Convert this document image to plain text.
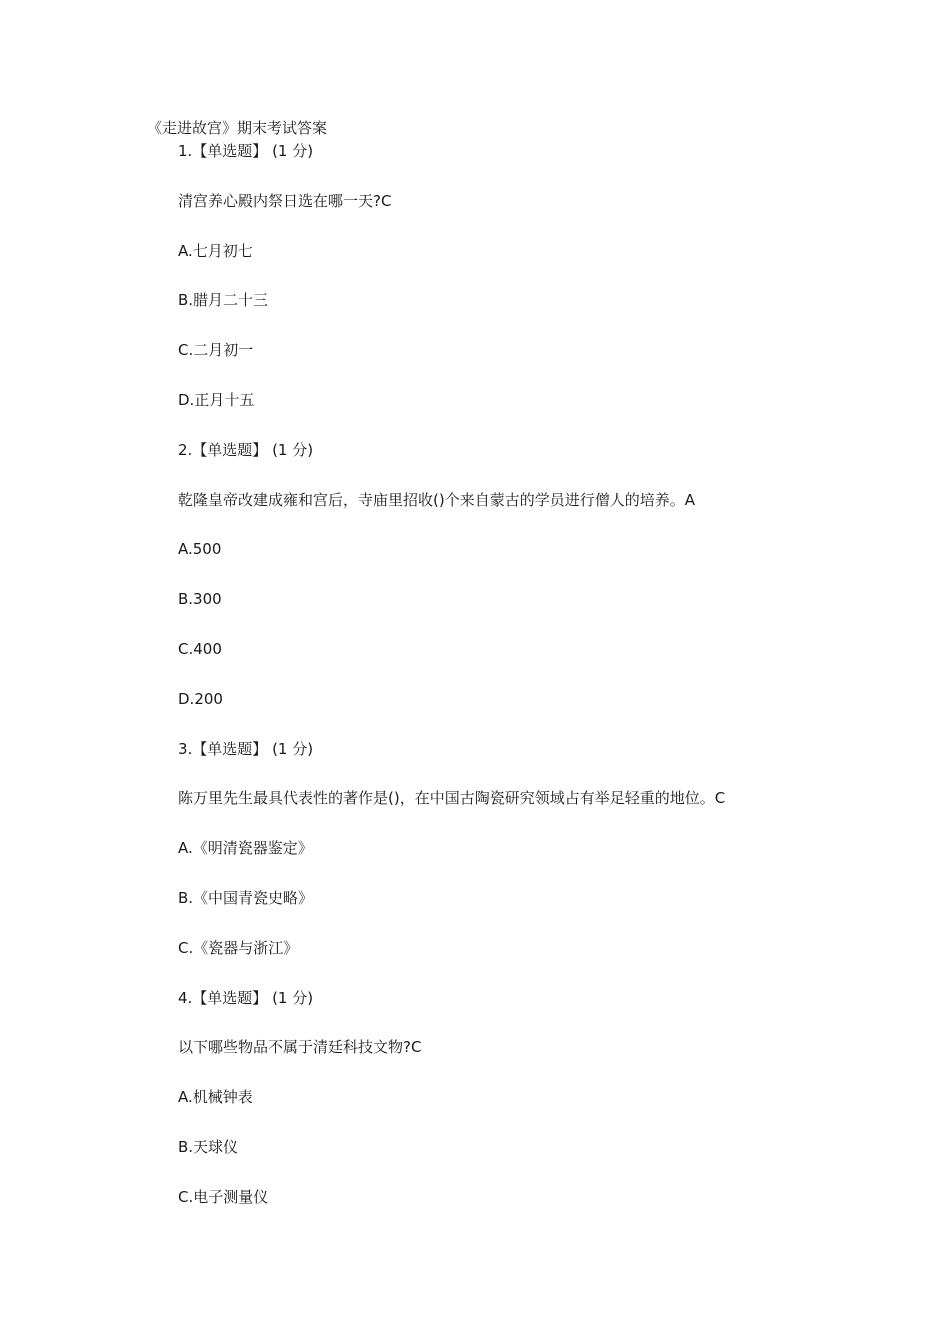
《走进故宫》期末考试答案
1.【单选题】 (1 分)
清宫养心殿内祭日选在哪一天?C
A.七月初七
B.腊月二十三
C.二月初一
D.正月十五
2.【单选题】 (1 分)
乾隆皇帝改建成雍和宫后，寺庙里招收()个来自蒙古的学员进行僧人的培养。A
A.500
B.300
C.400
D.200
3.【单选题】 (1 分)
陈万里先生最具代表性的著作是()，在中国古陶瓷研究领域占有举足轻重的地位。C
A.《明清瓷器鉴定》
B.《中国青瓷史略》
C.《瓷器与浙江》
4.【单选题】 (1 分)
以下哪些物品不属于清廷科技文物?C
A.机械钟表
B.天球仪
C.电子测量仪
